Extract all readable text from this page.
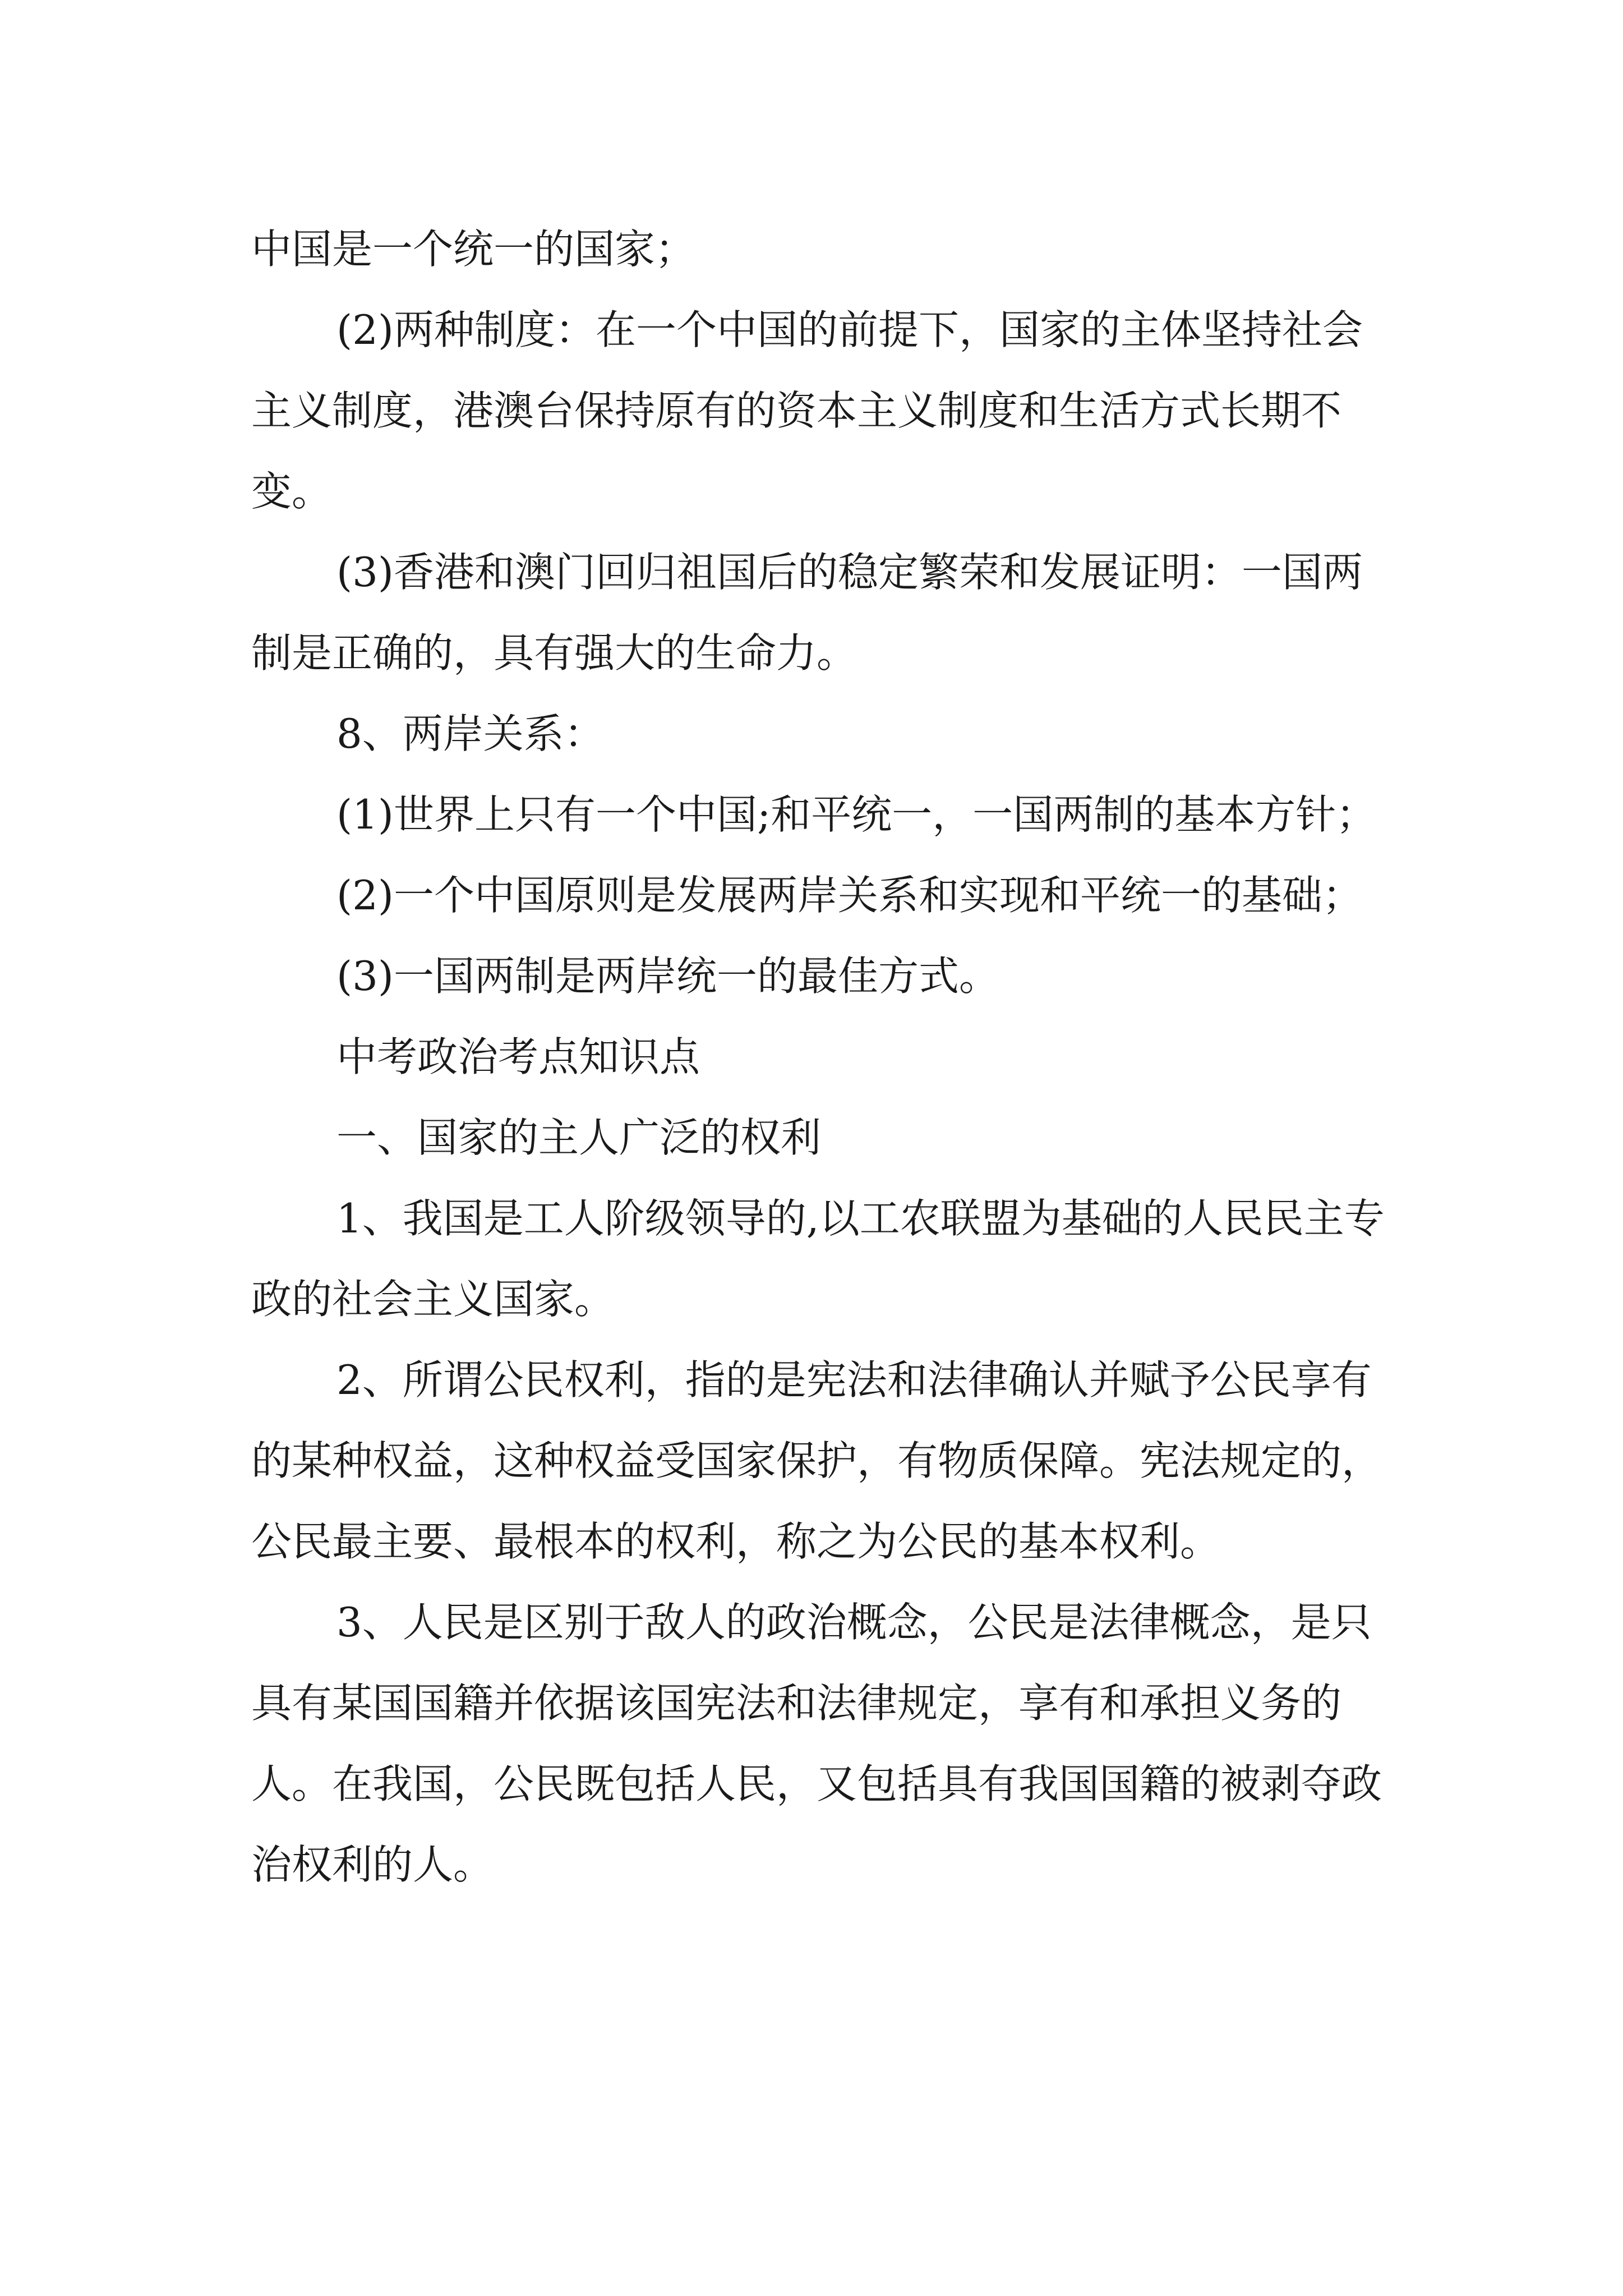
中国是一个统一的国家；

(2)两种制度：在一个中国的前提下，国家的主体坚持社会主义制度，港澳台保持原有的资本主义制度和生活方式长期不变。

(3)香港和澳门回归祖国后的稳定繁荣和发展证明：一国两制是正确的，具有强大的生命力。

8、两岸关系：

(1)世界上只有一个中国;和平统一，一国两制的基本方针；

(2)一个中国原则是发展两岸关系和实现和平统一的基础；

(3)一国两制是两岸统一的最佳方式。

中考政治考点知识点

一、国家的主人广泛的权利

1、我国是工人阶级领导的,以工农联盟为基础的人民民主专政的社会主义国家。

2、所谓公民权利，指的是宪法和法律确认并赋予公民享有的某种权益，这种权益受国家保护，有物质保障。宪法规定的，公民最主要、最根本的权利，称之为公民的基本权利。

3、人民是区别于敌人的政治概念，公民是法律概念，是只具有某国国籍并依据该国宪法和法律规定，享有和承担义务的人。在我国，公民既包括人民，又包括具有我国国籍的被剥夺政治权利的人。
